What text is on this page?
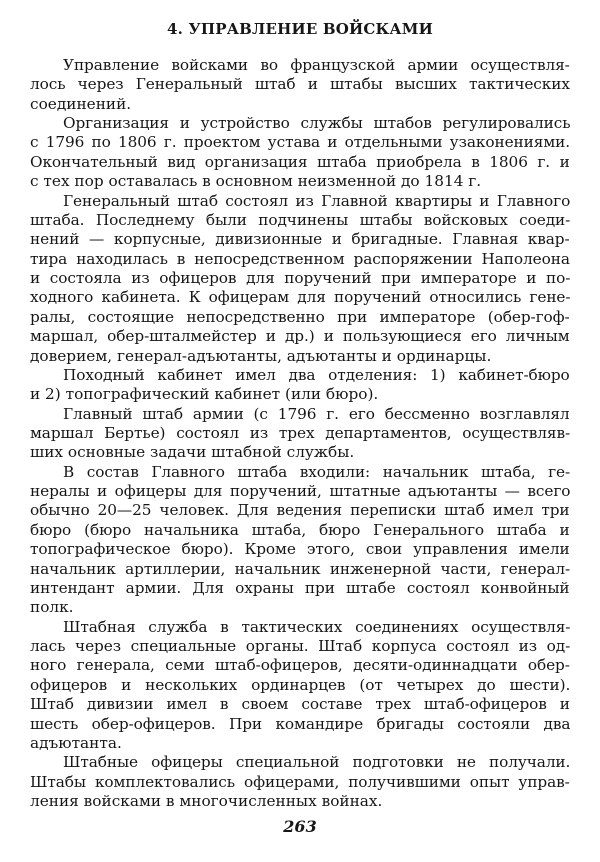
4. УПРАВЛЕНИЕ ВОЙСКАМИ
Управление войсками во французской армии осуществля-
лось через Генеральный штаб и штабы высших тактических
соединений.
Организация и устройство службы штабов регулировались
с 1796 по 1806 г. проектом устава и отдельными узаконениями.
Окончательный вид организация штаба приобрела в 1806 г. и
с тех пор оставалась в основном неизменной до 1814 г.
Генеральный штаб состоял из Главной квартиры и Главного
штаба. Последнему были подчинены штабы войсковых соеди-
нений — корпусные, дивизионные и бригадные. Главная квар-
тира находилась в непосредственном распоряжении Наполеона
и состояла из офицеров для поручений при императоре и по-
ходного кабинета. К офицерам для поручений относились гене-
ралы, состоящие непосредственно при императоре (обер-гоф-
маршал, обер-шталмейстер и др.) и пользующиеся его личным
доверием, генерал-адъютанты, адъютанты и ординарцы.
Походный кабинет имел два отделения: 1) кабинет-бюро
и 2) топографический кабинет (или бюро).
Главный штаб армии (с 1796 г. его бессменно возглавлял
маршал Бертье) состоял из трех департаментов, осуществляв-
ших основные задачи штабной службы.
В состав Главного штаба входили: начальник штаба, ге-
нералы и офицеры для поручений, штатные адъютанты — всего
обычно 20—25 человек. Для ведения переписки штаб имел три
бюро (бюро начальника штаба, бюро Генерального штаба и
топографическое бюро). Кроме этого, свои управления имели
начальник артиллерии, начальник инженерной части, генерал-
интендант армии. Для охраны при штабе состоял конвойный
полк.
Штабная служба в тактических соединениях осуществля-
лась через специальные органы. Штаб корпуса состоял из од-
ного генерала, семи штаб-офицеров, десяти-одиннадцати обер-
офицеров и нескольких ординарцев (от четырех до шести).
Штаб дивизии имел в своем составе трех штаб-офицеров и
шесть обер-офицеров. При командире бригады состояли два
адъютанта.
Штабные офицеры специальной подготовки не получали.
Штабы комплектовались офицерами, получившими опыт управ-
ления войсками в многочисленных войнах.
263
